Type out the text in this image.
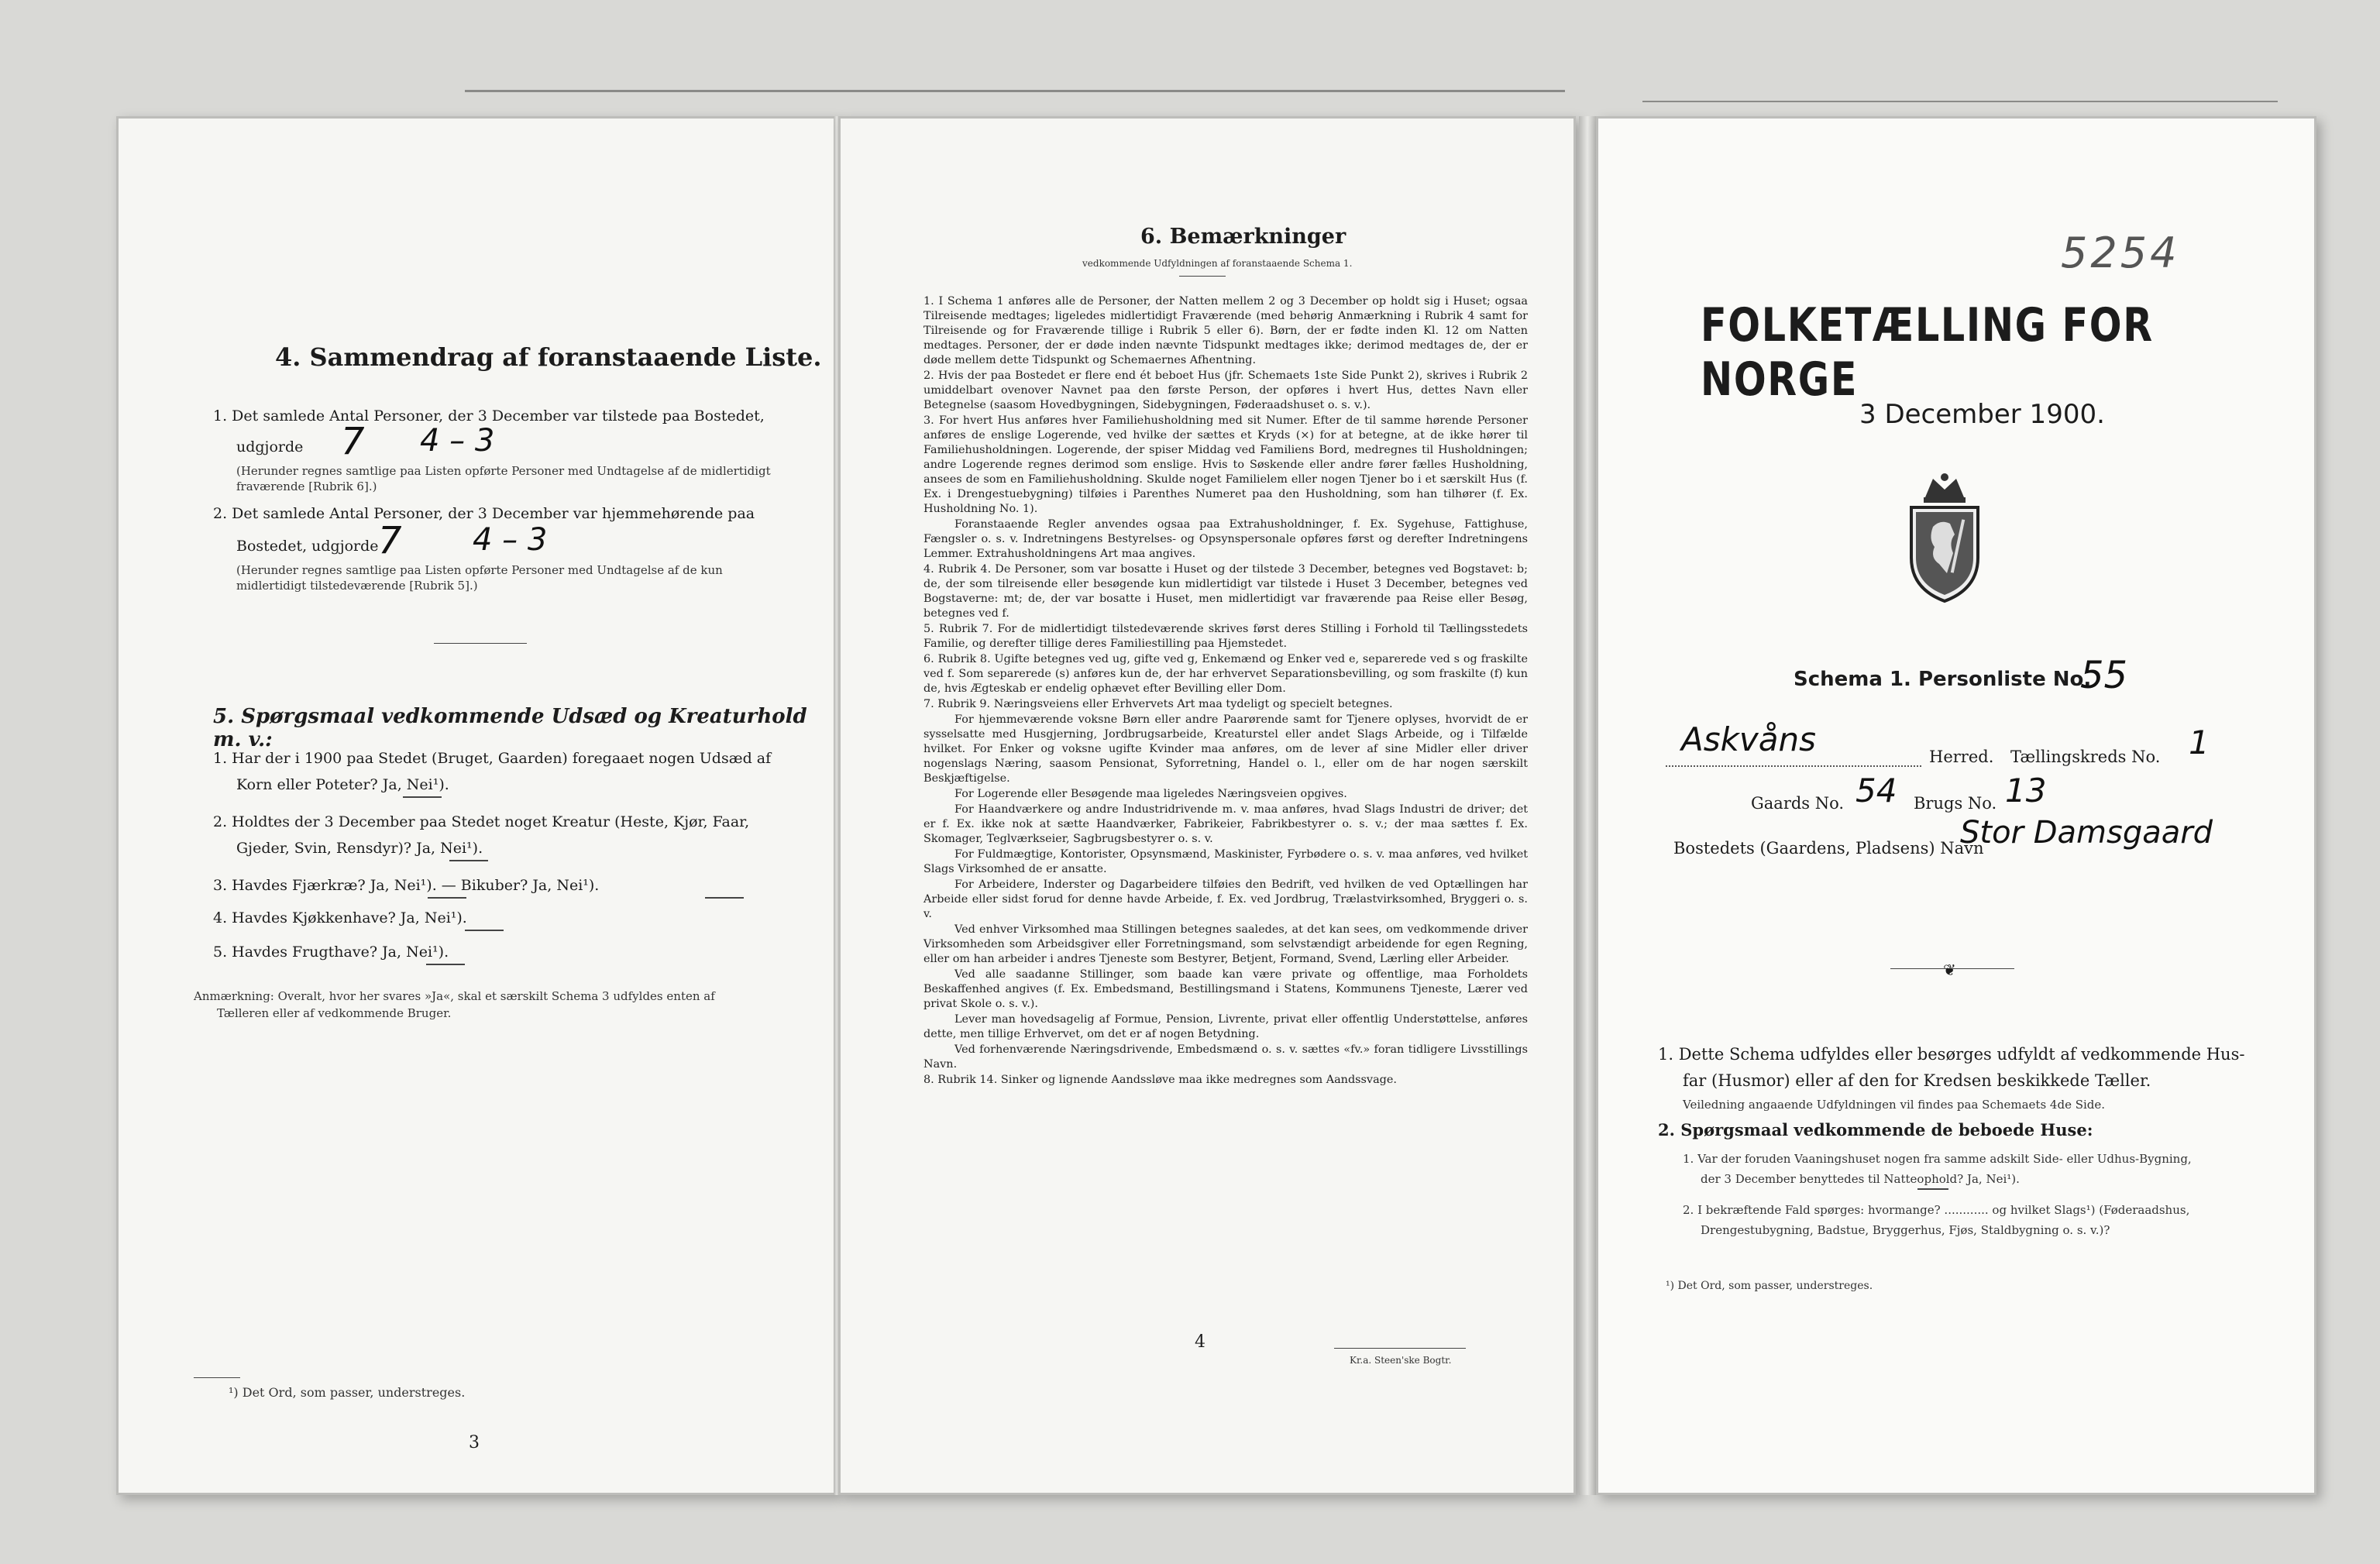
4. Sammendrag af foranstaaende Liste.
1. Det samlede Antal Personer, der 3 December var tilstede paa Bostedet,
udgjorde 7 4 – 3
(Herunder regnes samtlige paa Listen opførte Personer med Undtagelse af de midlertidigt
fraværende [Rubrik 6].)
2. Det samlede Antal Personer, der 3 December var hjemmehørende paa
Bostedet, udgjorde 7 4 – 3
(Herunder regnes samtlige paa Listen opførte Personer med Undtagelse af de kun
midlertidigt tilstedeværende [Rubrik 5].)
5. Spørgsmaal vedkommende Udsæd og Kreaturhold m. v.:
1. Har der i 1900 paa Stedet (Bruget, Gaarden) foregaaet nogen Udsæd af
Korn eller Poteter? Ja, Nei¹).
2. Holdtes der 3 December paa Stedet noget Kreatur (Heste, Kjør, Faar,
Gjeder, Svin, Rensdyr)? Ja, Nei¹).
3. Havdes Fjærkræ? Ja, Nei¹). — Bikuber? Ja, Nei¹).
4. Havdes Kjøkkenhave? Ja, Nei¹).
5. Havdes Frugthave? Ja, Nei¹).
Anmærkning: Overalt, hvor her svares »Ja«, skal et særskilt Schema 3 udfyldes enten af
Tælleren eller af vedkommende Bruger.
¹) Det Ord, som passer, understreges.
3
6. Bemærkninger
vedkommende Udfyldningen af foranstaaende Schema 1.
1. I Schema 1 anføres alle de Personer, der Natten mellem 2 og 3 December op holdt sig i Huset; ogsaa Tilreisende medtages; ligeledes midlertidigt Fraværende (med behørig Anmærkning i Rubrik 4 samt for Tilreisende og for Fraværende tillige i Rubrik 5 eller 6). Børn, der er fødte inden Kl. 12 om Natten medtages. Personer, der er døde inden nævnte Tidspunkt medtages ikke; derimod medtages de, der er døde mellem dette Tidspunkt og Schemaernes Afhentning.
2. Hvis der paa Bostedet er flere end ét beboet Hus (jfr. Schemaets 1ste Side Punkt 2), skrives i Rubrik 2 umiddelbart ovenover Navnet paa den første Person, der opføres i hvert Hus, dettes Navn eller Betegnelse (saasom Hovedbygningen, Sidebygningen, Føderaadshuset o. s. v.).
3. For hvert Hus anføres hver Familiehusholdning med sit Numer. Efter de til samme hørende Personer anføres de enslige Logerende, ved hvilke der sættes et Kryds (×) for at betegne, at de ikke hører til Familiehusholdningen. Logerende, der spiser Middag ved Familiens Bord, medregnes til Husholdningen; andre Logerende regnes derimod som enslige. Hvis to Søskende eller andre fører fælles Husholdning, ansees de som en Familiehusholdning. Skulde noget Familielem eller nogen Tjener bo i et særskilt Hus (f. Ex. i Drengestuebygning) tilføies i Parenthes Numeret paa den Husholdning, som han tilhører (f. Ex. Husholdning No. 1).
Foranstaaende Regler anvendes ogsaa paa Extrahusholdninger, f. Ex. Sygehuse, Fattighuse, Fængsler o. s. v. Indretningens Bestyrelses- og Opsynspersonale opføres først og derefter Indretningens Lemmer. Extrahusholdningens Art maa angives.
4. Rubrik 4. De Personer, som var bosatte i Huset og der tilstede 3 December, betegnes ved Bogstavet: b; de, der som tilreisende eller besøgende kun midlertidigt var tilstede i Huset 3 December, betegnes ved Bogstaverne: mt; de, der var bosatte i Huset, men midlertidigt var fraværende paa Reise eller Besøg, betegnes ved f.
5. Rubrik 7. For de midlertidigt tilstedeværende skrives først deres Stilling i Forhold til Tællingsstedets Familie, og derefter tillige deres Familiestilling paa Hjemstedet.
6. Rubrik 8. Ugifte betegnes ved ug, gifte ved g, Enkemænd og Enker ved e, separerede ved s og fraskilte ved f. Som separerede (s) anføres kun de, der har erhvervet Separationsbevilling, og som fraskilte (f) kun de, hvis Ægteskab er endelig ophævet efter Bevilling eller Dom.
7. Rubrik 9. Næringsveiens eller Erhvervets Art maa tydeligt og specielt betegnes.
For hjemmeværende voksne Børn eller andre Paarørende samt for Tjenere oplyses, hvorvidt de er sysselsatte med Husgjerning, Jordbrugsarbeide, Kreaturstel eller andet Slags Arbeide, og i Tilfælde hvilket. For Enker og voksne ugifte Kvinder maa anføres, om de lever af sine Midler eller driver nogenslags Næring, saasom Pensionat, Syforretning, Handel o. l., eller om de har nogen særskilt Beskjæftigelse.
For Logerende eller Besøgende maa ligeledes Næringsveien opgives.
For Haandværkere og andre Industridrivende m. v. maa anføres, hvad Slags Industri de driver; det er f. Ex. ikke nok at sætte Haandværker, Fabrikeier, Fabrikbestyrer o. s. v.; der maa sættes f. Ex. Skomager, Teglværkseier, Sagbrugsbestyrer o. s. v.
For Fuldmægtige, Kontorister, Opsynsmænd, Maskinister, Fyrbødere o. s. v. maa anføres, ved hvilket Slags Virksomhed de er ansatte.
For Arbeidere, Inderster og Dagarbeidere tilføies den Bedrift, ved hvilken de ved Optællingen har Arbeide eller sidst forud for denne havde Arbeide, f. Ex. ved Jordbrug, Trælastvirksomhed, Bryggeri o. s. v.
Ved enhver Virksomhed maa Stillingen betegnes saaledes, at det kan sees, om vedkommende driver Virksomheden som Arbeidsgiver eller Forretningsmand, som selvstændigt arbeidende for egen Regning, eller om han arbeider i andres Tjeneste som Bestyrer, Betjent, Formand, Svend, Lærling eller Arbeider.
Ved alle saadanne Stillinger, som baade kan være private og offentlige, maa Forholdets Beskaffenhed angives (f. Ex. Embedsmand, Bestillingsmand i Statens, Kommunens Tjeneste, Lærer ved privat Skole o. s. v.).
Lever man hovedsagelig af Formue, Pension, Livrente, privat eller offentlig Understøttelse, anføres dette, men tillige Erhvervet, om det er af nogen Betydning.
Ved forhenværende Næringsdrivende, Embedsmænd o. s. v. sættes «fv.» foran tidligere Livsstillings Navn.
8. Rubrik 14. Sinker og lignende Aandssløve maa ikke medregnes som Aandssvage.
4
Kr.a. Steen'ske Bogtr.
5254
FOLKETÆLLING FOR NORGE
3 December 1900.
Schema 1. Personliste No.
55
Askvåns	Herred. Tællingskreds No. 1
Gaards No. 54 Brugs No. 13
Bostedets (Gaardens, Pladsens) Navn
Stor Damsgaard
❦
1. Dette Schema udfyldes eller besørges udfyldt af vedkommende Hus-
far (Husmor) eller af den for Kredsen beskikkede Tæller.
Veiledning angaaende Udfyldningen vil findes paa Schemaets 4de Side.
2. Spørgsmaal vedkommende de beboede Huse:
1. Var der foruden Vaaningshuset nogen fra samme adskilt Side- eller Udhus-Bygning,
der 3 December benyttedes til Natteophold? Ja, Nei¹).
2. I bekræftende Fald spørges: hvormange? ............ og hvilket Slags¹) (Føderaadshus,
Drengestubygning, Badstue, Bryggerhus, Fjøs, Staldbygning o. s. v.)?
¹) Det Ord, som passer, understreges.
